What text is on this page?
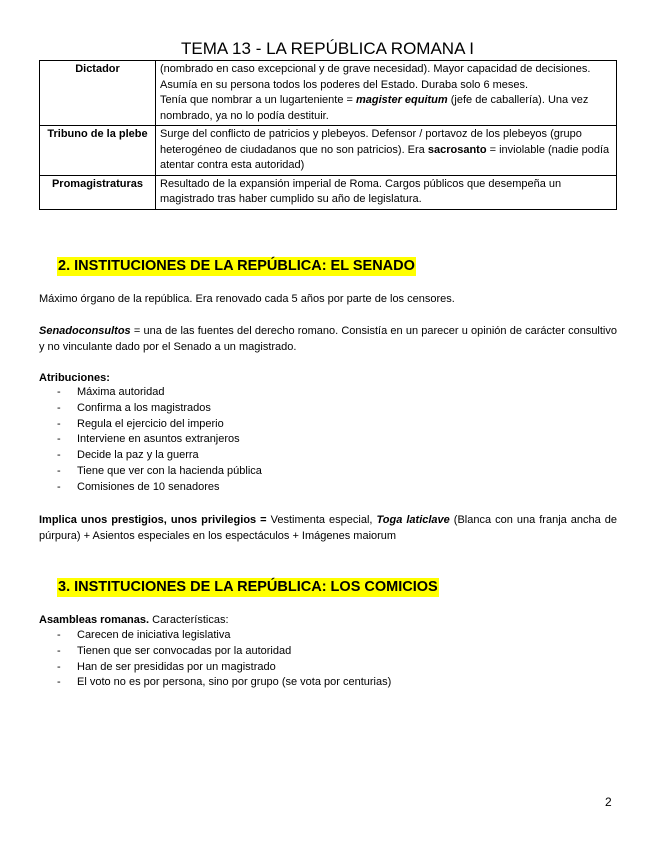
TEMA 13 - LA REPÚBLICA ROMANA I
Dictador	(nombrado en caso excepcional y de grave necesidad). Mayor capacidad de decisiones.
Asumía en su persona todos los poderes del Estado. Duraba solo 6 meses.
Tenía que nombrar a un lugarteniente = magister equitum (jefe de caballería). Una vez nombrado, ya no lo podía destituir.

Tribuno de la plebe	Surge del conflicto de patricios y plebeyos. Defensor / portavoz de los plebeyos (grupo heterogéneo de ciudadanos que no son patricios). Era sacrosanto = inviolable (nadie podía atentar contra esta autoridad)
Promagistraturas	Resultado de la expansión imperial de Roma. Cargos públicos que desempeña un magistrado tras haber cumplido su año de legislatura.
2. INSTITUCIONES DE LA REPÚBLICA: EL SENADO
Máximo órgano de la república. Era renovado cada 5 años por parte de los censores.
Senadoconsultos = una de las fuentes del derecho romano. Consistía en un parecer u opinión de carácter consultivo y no vinculante dado por el Senado a un magistrado.
Atribuciones:
- Máxima autoridad
- Confirma a los magistrados
- Regula el ejercicio del imperio
- Interviene en asuntos extranjeros
- Decide la paz y la guerra
- Tiene que ver con la hacienda pública
- Comisiones de 10 senadores
Implica unos prestigios, unos privilegios = Vestimenta especial, Toga laticlave (Blanca con una franja ancha de púrpura) + Asientos especiales en los espectáculos + Imágenes maiorum
3. INSTITUCIONES DE LA REPÚBLICA: LOS COMICIOS
Asambleas romanas. Características:
- Carecen de iniciativa legislativa
- Tienen que ser convocadas por la autoridad
- Han de ser presididas por un magistrado
- El voto no es por persona, sino por grupo (se vota por centurias)
2
